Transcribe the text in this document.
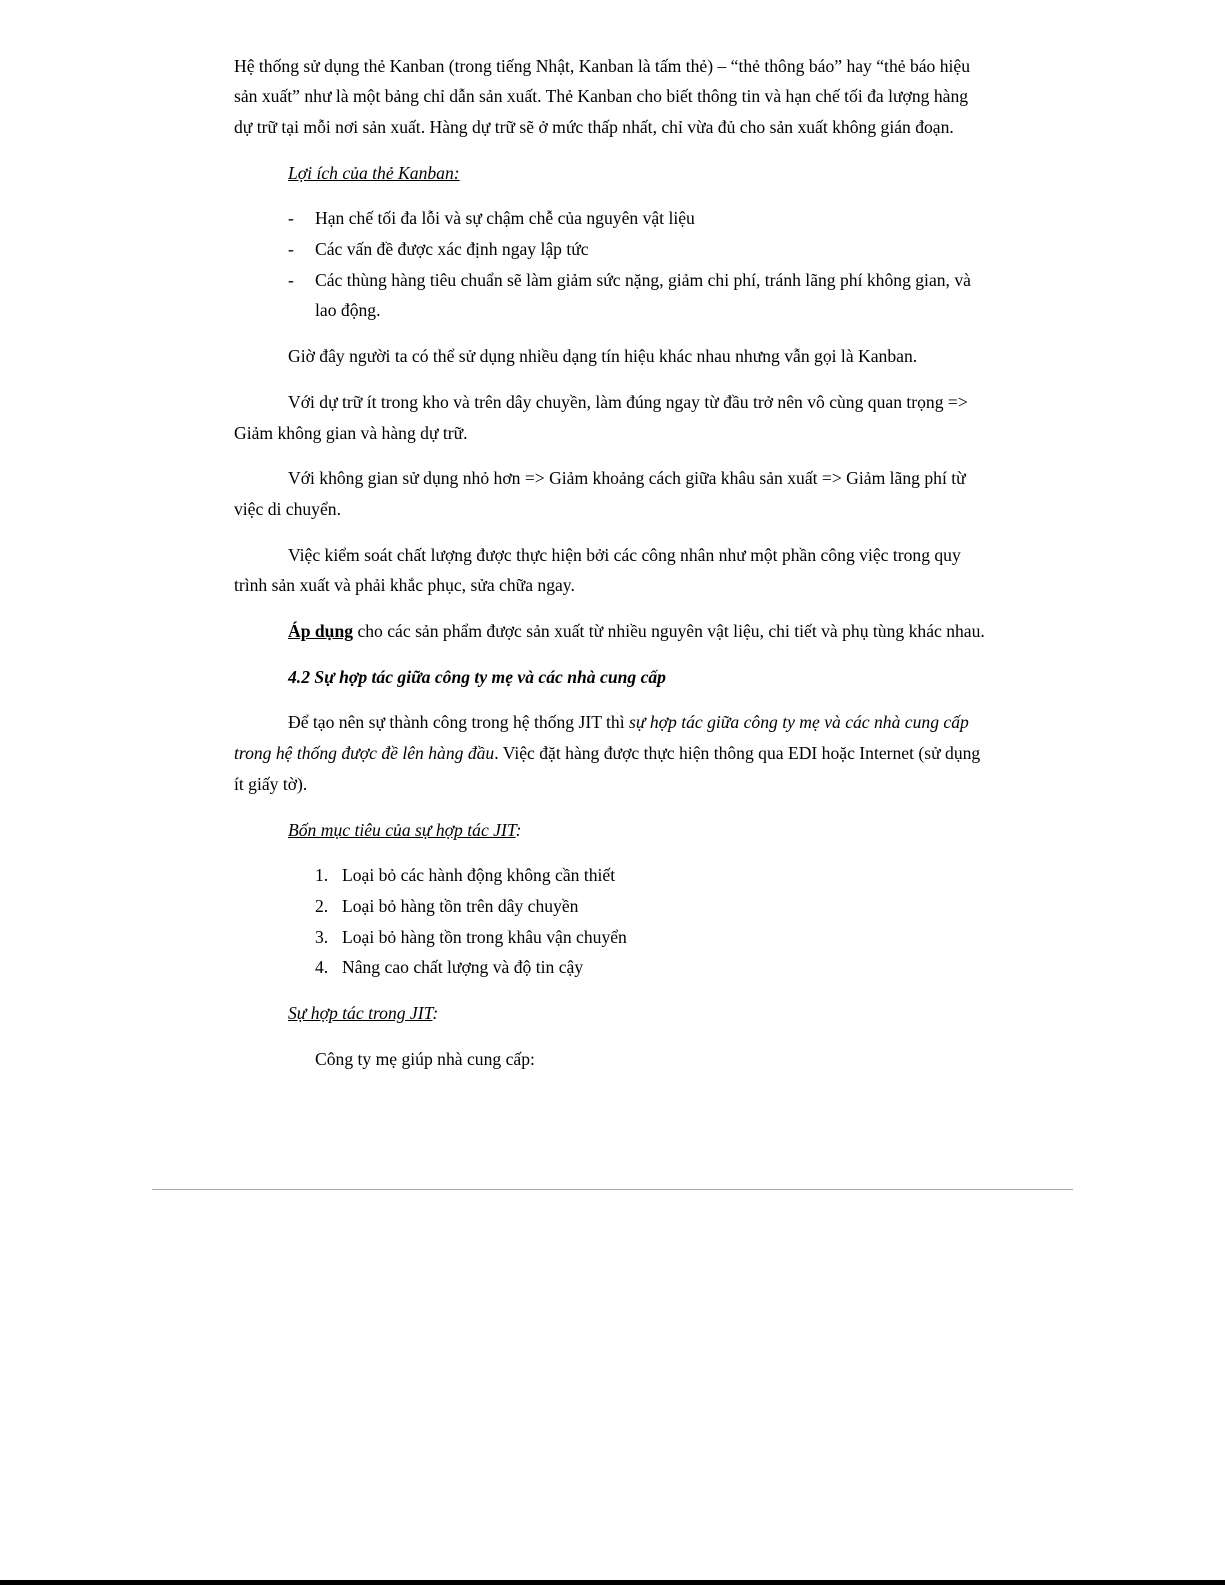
Hệ thống sử dụng thẻ Kanban (trong tiếng Nhật, Kanban là tấm thẻ) – “thẻ thông báo” hay “thẻ báo hiệu
sản xuất” như là một bảng chỉ dẫn sản xuất. Thẻ Kanban cho biết thông tin và hạn chế tối đa lượng hàng
dự trữ tại mỗi nơi sản xuất. Hàng dự trữ sẽ ở mức thấp nhất, chỉ vừa đủ cho sản xuất không gián đoạn.
Lợi ích của thẻ Kanban:
- Hạn chế tối đa lỗi và sự chậm chễ của nguyên vật liệu
- Các vấn đề được xác định ngay lập tức
- Các thùng hàng tiêu chuẩn sẽ làm giảm sức nặng, giảm chi phí, tránh lãng phí không gian, và
lao động.
Giờ đây người ta có thể sử dụng nhiều dạng tín hiệu khác nhau nhưng vẫn gọi là Kanban.
Với dự trữ ít trong kho và trên dây chuyền, làm đúng ngay từ đầu trở nên vô cùng quan trọng =>
Giảm không gian và hàng dự trữ.
Với không gian sử dụng nhỏ hơn => Giảm khoảng cách giữa khâu sản xuất => Giảm lãng phí từ
việc di chuyển.
Việc kiểm soát chất lượng được thực hiện bởi các công nhân như một phần công việc trong quy
trình sản xuất và phải khắc phục, sửa chữa ngay.
Áp dụng cho các sản phẩm được sản xuất từ nhiều nguyên vật liệu, chi tiết và phụ tùng khác nhau.
4.2 Sự hợp tác giữa công ty mẹ và các nhà cung cấp
Để tạo nên sự thành công trong hệ thống JIT thì sự hợp tác giữa công ty mẹ và các nhà cung cấp
trong hệ thống được đề lên hàng đầu. Việc đặt hàng được thực hiện thông qua EDI hoặc Internet (sử dụng
ít giấy tờ).
Bốn mục tiêu của sự hợp tác JIT:
1. Loại bỏ các hành động không cần thiết
2. Loại bỏ hàng tồn trên dây chuyền
3. Loại bỏ hàng tồn trong khâu vận chuyển
4. Nâng cao chất lượng và độ tin cậy
Sự hợp tác trong JIT:
Công ty mẹ giúp nhà cung cấp:
